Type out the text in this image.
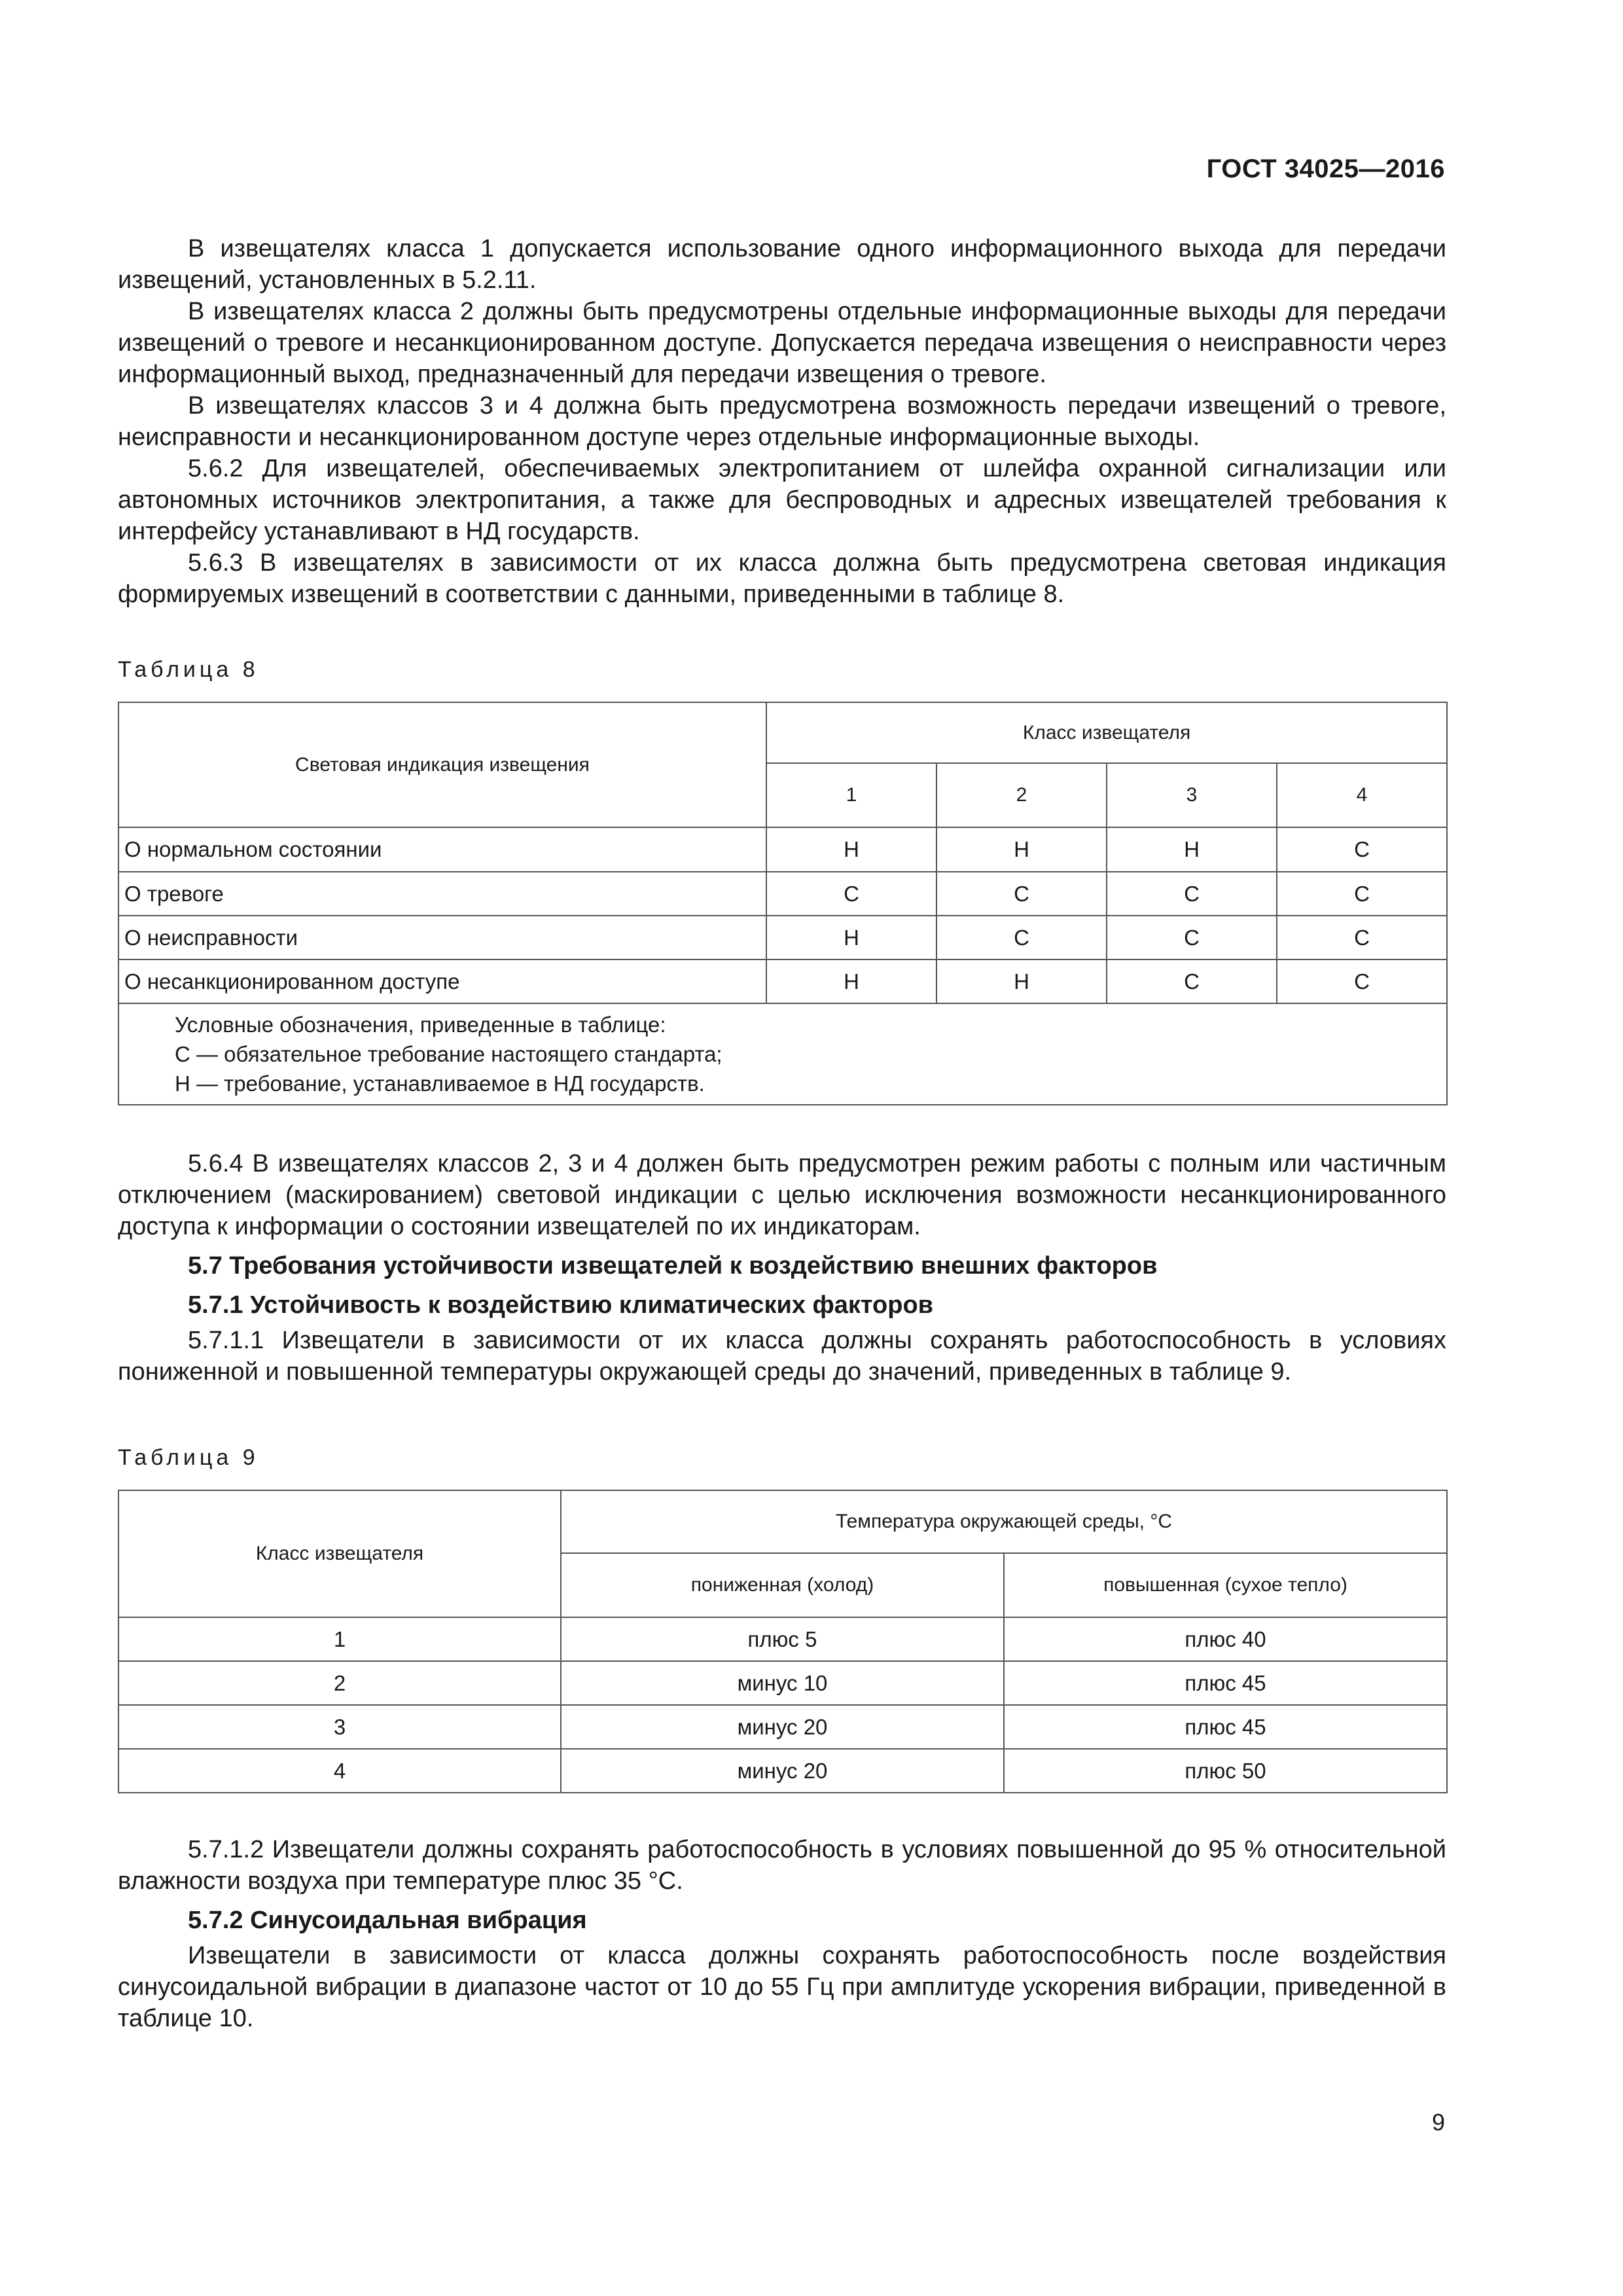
ГОСТ 34025—2016

В извещателях класса 1 допускается использование одного информационного выхода для передачи извещений, установленных в 5.2.11.

В извещателях класса 2 должны быть предусмотрены отдельные информационные выходы для передачи извещений о тревоге и несанкционированном доступе. Допускается передача извещения о неисправности через информационный выход, предназначенный для передачи извещения о тревоге.

В извещателях классов 3 и 4 должна быть предусмотрена возможность передачи извещений о тревоге, неисправности и несанкционированном доступе через отдельные информационные выходы.

5.6.2 Для извещателей, обеспечиваемых электропитанием от шлейфа охранной сигнализации или автономных источников электропитания, а также для беспроводных и адресных извещателей требования к интерфейсу устанавливают в НД государств.

5.6.3 В извещателях в зависимости от их класса должна быть предусмотрена световая индикация формируемых извещений в соответствии с данными, приведенными в таблице 8.

Таблица 8
Световая индикация извещения	Класс извещателя			
	1	2	3	4
О нормальном состоянии	Н	Н	Н	С
О тревоге	С	С	С	С
О неисправности	Н	С	С	С
О несанкционированном доступе	Н	Н	С	С

Условные обозначения, приведенные в таблице:
С — обязательное требование настоящего стандарта;
Н — требование, устанавливаемое в НД государств.				

5.6.4 В извещателях классов 2, 3 и 4 должен быть предусмотрен режим работы с полным или частичным отключением (маскированием) световой индикации с целью исключения возможности несанкционированного доступа к информации о состоянии извещателей по их индикаторам.

5.7 Требования устойчивости извещателей к воздействию внешних факторов

5.7.1 Устойчивость к воздействию климатических факторов

5.7.1.1 Извещатели в зависимости от их класса должны сохранять работоспособность в условиях пониженной и повышенной температуры окружающей среды до значений, приведенных в таблице 9.

Таблица 9
Класс извещателя	Температура окружающей среды, °С	
	пониженная (холод)	повышенная (сухое тепло)
1	плюс 5	плюс 40
2	минус 10	плюс 45
3	минус 20	плюс 45
4	минус 20	плюс 50

5.7.1.2 Извещатели должны сохранять работоспособность в условиях повышенной до 95 % относительной влажности воздуха при температуре плюс 35 °С.

5.7.2 Синусоидальная вибрация

Извещатели в зависимости от класса должны сохранять работоспособность после воздействия синусоидальной вибрации в диапазоне частот от 10 до 55 Гц при амплитуде ускорения вибрации, приведенной в таблице 10.

9
